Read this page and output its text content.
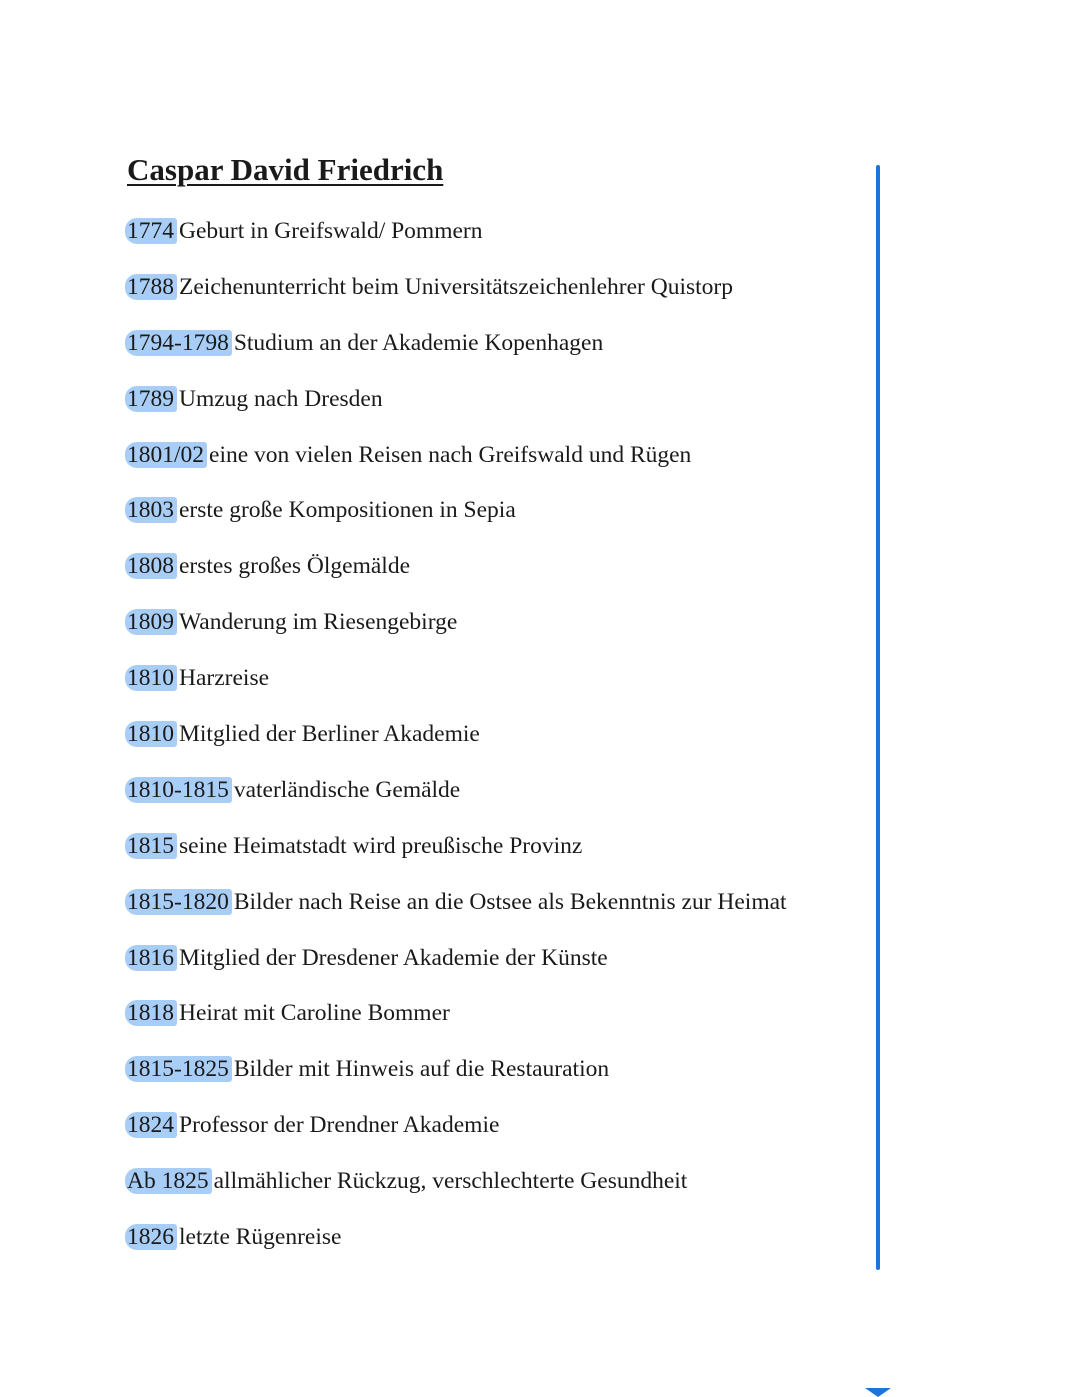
Caspar David Friedrich
1774 Geburt in Greifswald/ Pommern
1788 Zeichenunterricht beim Universitätszeichenlehrer Quistorp
1794-1798 Studium an der Akademie Kopenhagen
1789 Umzug nach Dresden
1801/02 eine von vielen Reisen nach Greifswald und Rügen
1803 erste große Kompositionen in Sepia
1808 erstes großes Ölgemälde
1809 Wanderung im Riesengebirge
1810 Harzreise
1810 Mitglied der Berliner Akademie
1810-1815 vaterländische Gemälde
1815 seine Heimatstadt wird preußische Provinz
1815-1820 Bilder nach Reise an die Ostsee als Bekenntnis zur Heimat
1816 Mitglied der Dresdener Akademie der Künste
1818 Heirat mit Caroline Bommer
1815-1825 Bilder mit Hinweis auf die Restauration
1824 Professor der Drendner Akademie
Ab 1825 allmählicher Rückzug, verschlechterte Gesundheit
1826 letzte Rügenreise
